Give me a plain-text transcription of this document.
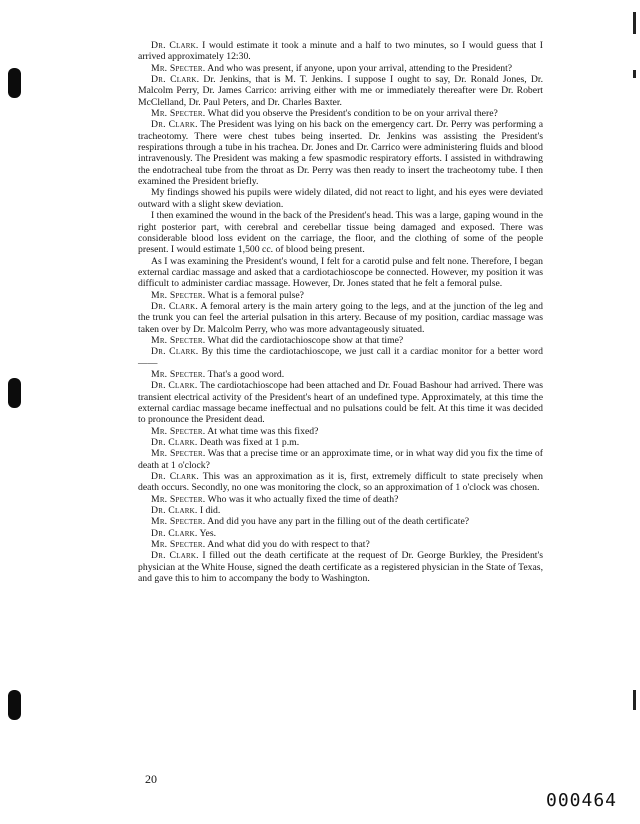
Dr. Clark. I would estimate it took a minute and a half to two minutes, so I would guess that I arrived approximately 12:30.

Mr. Specter. And who was present, if anyone, upon your arrival, attending to the President?

Dr. Clark. Dr. Jenkins, that is M. T. Jenkins. I suppose I ought to say, Dr. Ronald Jones, Dr. Malcolm Perry, Dr. James Carrico: arriving either with me or immediately thereafter were Dr. Robert McClelland, Dr. Paul Peters, and Dr. Charles Baxter.

Mr. Specter. What did you observe the President's condition to be on your arrival there?

Dr. Clark. The President was lying on his back on the emergency cart. Dr. Perry was performing a tracheotomy. There were chest tubes being inserted. Dr. Jenkins was assisting the President's respirations through a tube in his trachea. Dr. Jones and Dr. Carrico were administering fluids and blood intravenously. The President was making a few spasmodic respiratory efforts. I assisted in withdrawing the endotracheal tube from the throat as Dr. Perry was then ready to insert the tracheotomy tube. I then examined the President briefly.

My findings showed his pupils were widely dilated, did not react to light, and his eyes were deviated outward with a slight skew deviation.

I then examined the wound in the back of the President's head. This was a large, gaping wound in the right posterior part, with cerebral and cerebellar tissue being damaged and exposed. There was considerable blood loss evident on the carriage, the floor, and the clothing of some of the people present. I would estimate 1,500 cc. of blood being present.

As I was examining the President's wound, I felt for a carotid pulse and felt none. Therefore, I began external cardiac massage and asked that a cardiotachioscope be connected. However, my position it was difficult to administer cardiac massage. However, Dr. Jones stated that he felt a femoral pulse.

Mr. Specter. What is a femoral pulse?

Dr. Clark. A femoral artery is the main artery going to the legs, and at the junction of the leg and the trunk you can feel the arterial pulsation in this artery. Because of my position, cardiac massage was taken over by Dr. Malcolm Perry, who was more advantageously situated.

Mr. Specter. What did the cardiotachioscope show at that time?

Dr. Clark. By this time the cardiotachioscope, we just call it a cardiac monitor for a better word——

Mr. Specter. That's a good word.

Dr. Clark. The cardiotachioscope had been attached and Dr. Fouad Bashour had arrived. There was transient electrical activity of the President's heart of an undefined type. Approximately, at this time the external cardiac massage became ineffectual and no pulsations could be felt. At this time it was decided to pronounce the President dead.

Mr. Specter. At what time was this fixed?

Dr. Clark. Death was fixed at 1 p.m.

Mr. Specter. Was that a precise time or an approximate time, or in what way did you fix the time of death at 1 o'clock?

Dr. Clark. This was an approximation as it is, first, extremely difficult to state precisely when death occurs. Secondly, no one was monitoring the clock, so an approximation of 1 o'clock was chosen.

Mr. Specter. Who was it who actually fixed the time of death?

Dr. Clark. I did.

Mr. Specter. And did you have any part in the filling out of the death certificate?

Dr. Clark. Yes.

Mr. Specter. And what did you do with respect to that?

Dr. Clark. I filled out the death certificate at the request of Dr. George Burkley, the President's physician at the White House, signed the death certificate as a registered physician in the State of Texas, and gave this to him to accompany the body to Washington.

20
000464
